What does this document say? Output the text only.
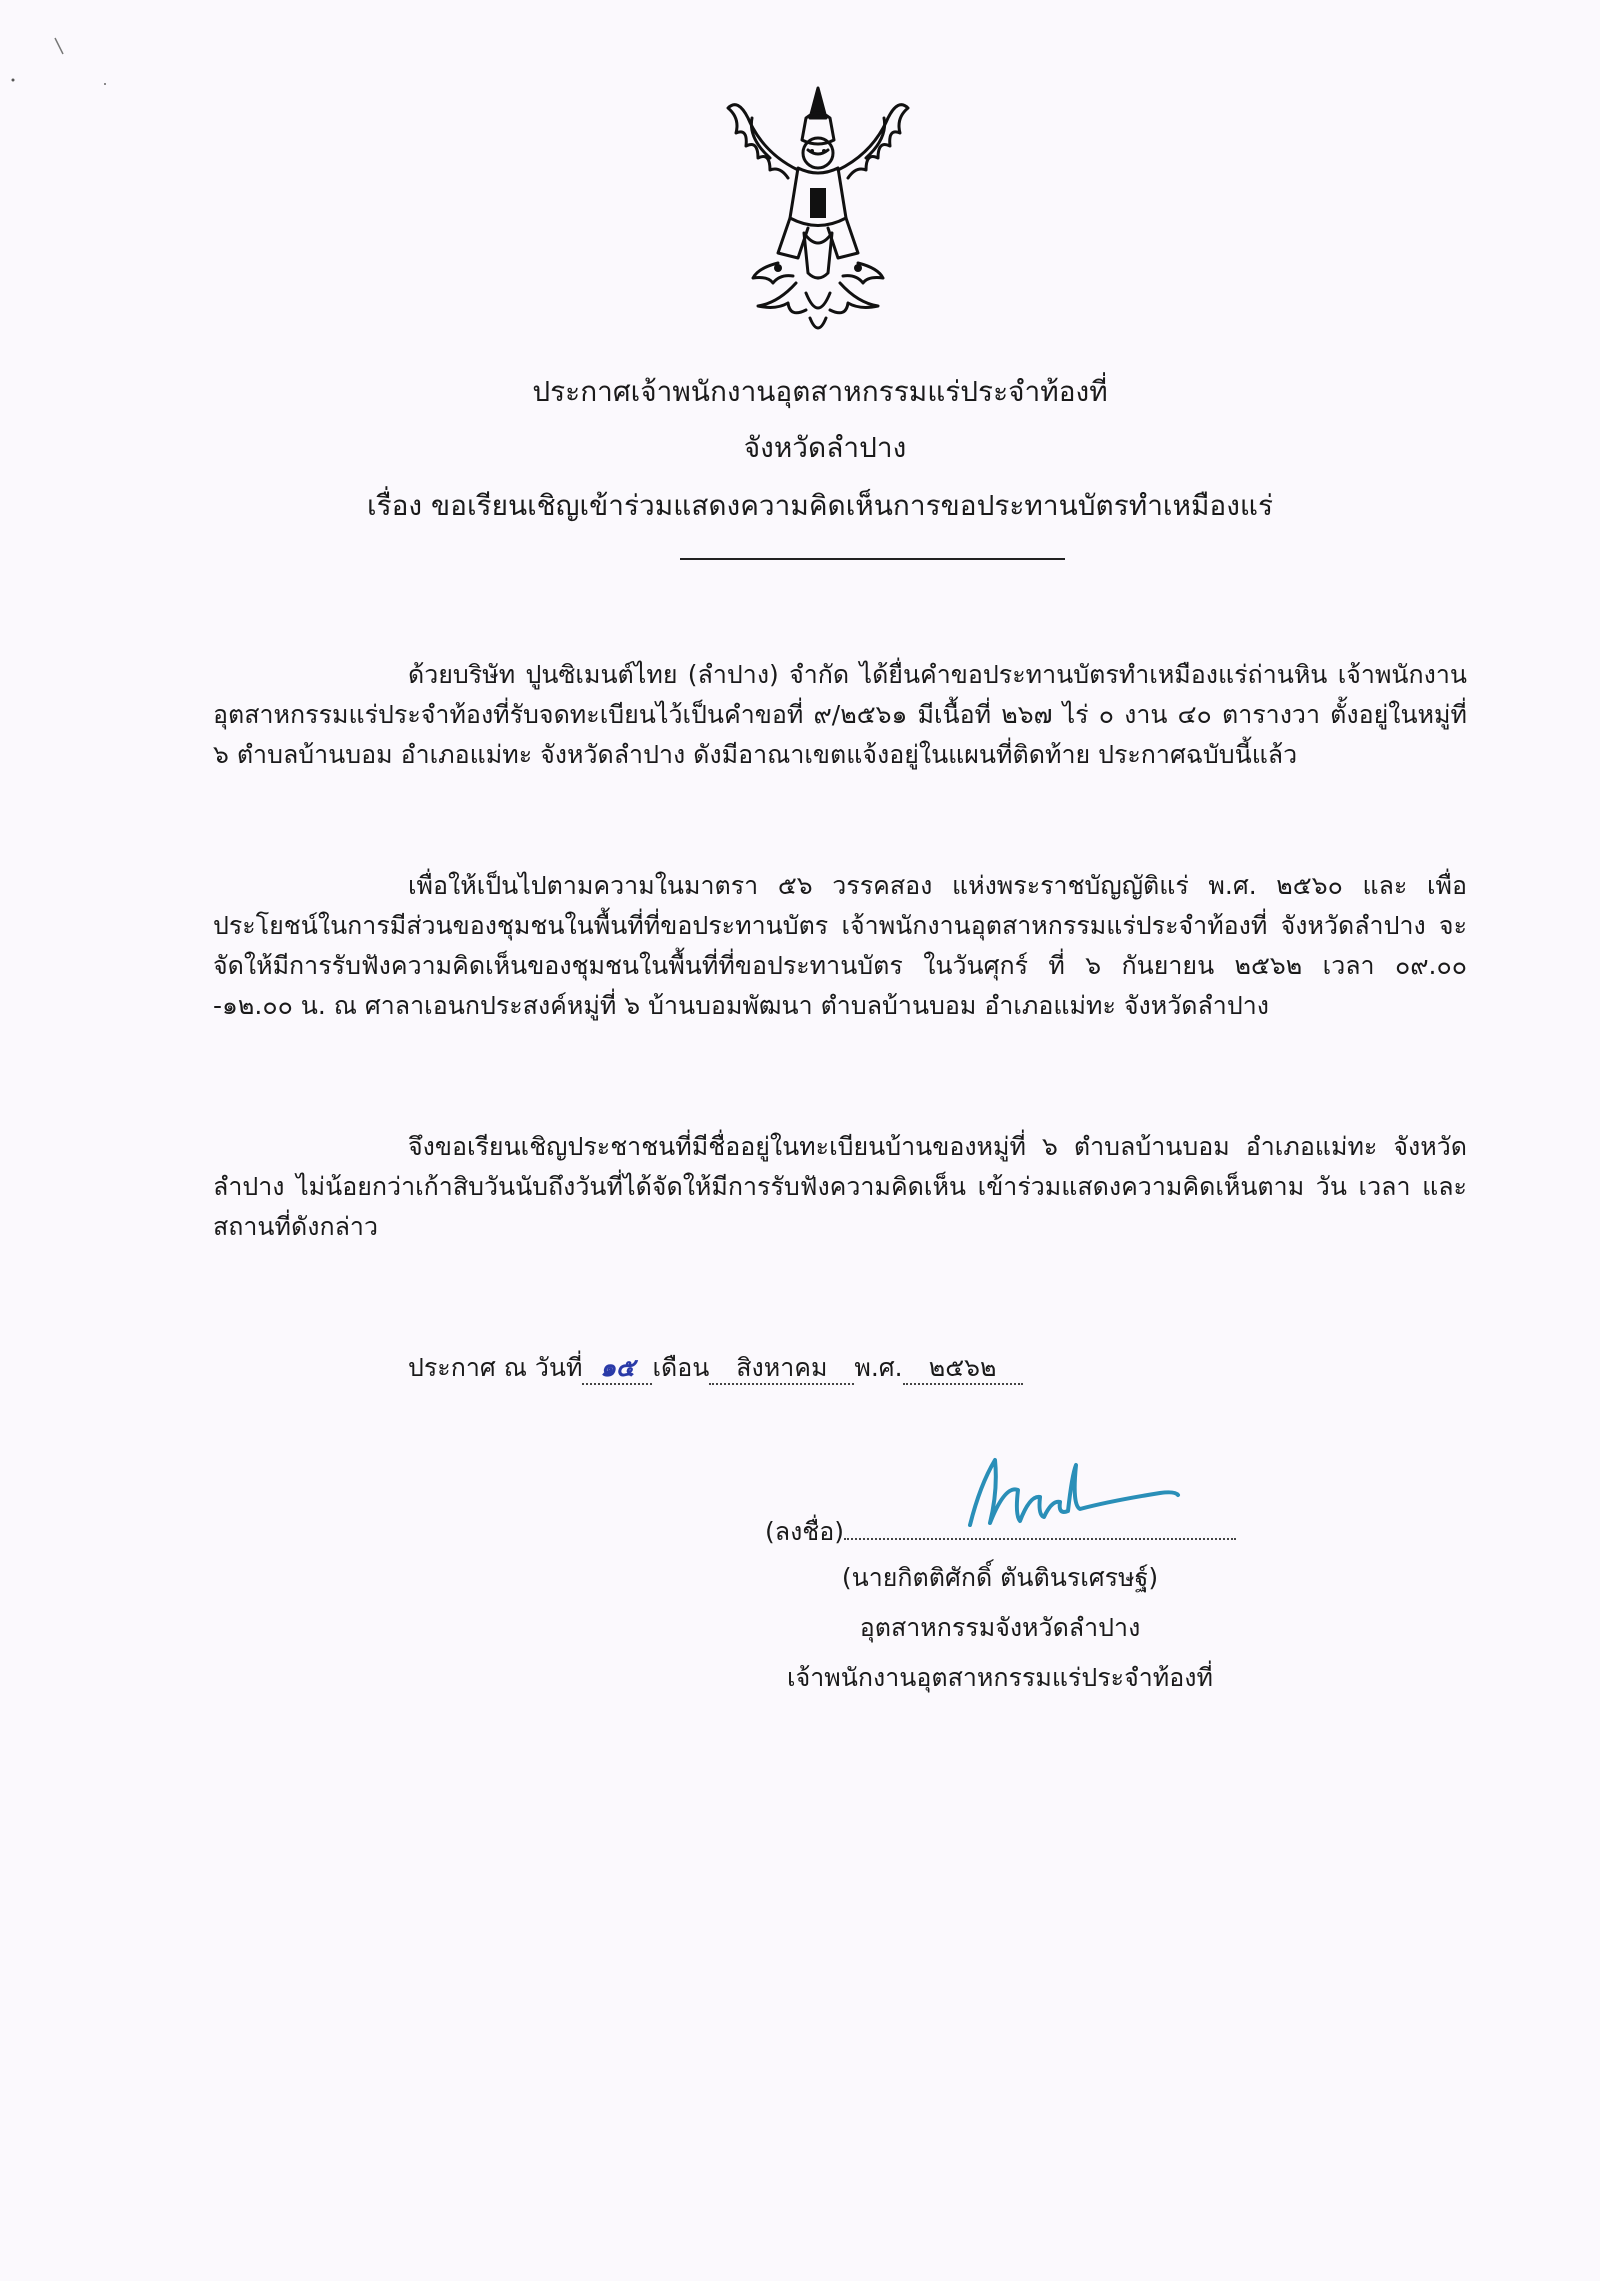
ประกาศเจ้าพนักงานอุตสาหกรรมแร่ประจำท้องที่
จังหวัดลำปาง
เรื่อง ขอเรียนเชิญเข้าร่วมแสดงความคิดเห็นการขอประทานบัตรทำเหมืองแร่

ด้วยบริษัท ปูนซิเมนต์ไทย (ลำปาง) จำกัด ได้ยื่นคำขอประทานบัตรทำเหมืองแร่ถ่านหิน เจ้าพนักงานอุตสาหกรรมแร่ประจำท้องที่รับจดทะเบียนไว้เป็นคำขอที่ ๙/๒๕๖๑ มีเนื้อที่ ๒๖๗ ไร่ ๐ งาน ๔๐ ตารางวา ตั้งอยู่ในหมู่ที่ ๖ ตำบลบ้านบอม อำเภอแม่ทะ จังหวัดลำปาง ดังมีอาณาเขตแจ้งอยู่ในแผนที่ติดท้าย ประกาศฉบับนี้แล้ว

เพื่อให้เป็นไปตามความในมาตรา ๕๖ วรรคสอง แห่งพระราชบัญญัติแร่ พ.ศ. ๒๕๖๐ และ เพื่อประโยชน์ในการมีส่วนของชุมชนในพื้นที่ที่ขอประทานบัตร เจ้าพนักงานอุตสาหกรรมแร่ประจำท้องที่ จังหวัดลำปาง จะจัดให้มีการรับฟังความคิดเห็นของชุมชนในพื้นที่ที่ขอประทานบัตร ในวันศุกร์ ที่ ๖ กันยายน ๒๕๖๒ เวลา ๐๙.๐๐ -๑๒.๐๐ น. ณ ศาลาเอนกประสงค์หมู่ที่ ๖ บ้านบอมพัฒนา ตำบลบ้านบอม อำเภอแม่ทะ จังหวัดลำปาง

จึงขอเรียนเชิญประชาชนที่มีชื่ออยู่ในทะเบียนบ้านของหมู่ที่ ๖ ตำบลบ้านบอม อำเภอแม่ทะ จังหวัดลำปาง ไม่น้อยกว่าเก้าสิบวันนับถึงวันที่ได้จัดให้มีการรับฟังความคิดเห็น เข้าร่วมแสดงความคิดเห็นตาม วัน เวลา และสถานที่ดังกล่าว

ประกาศ ณ วันที่ ๑๕ เดือน สิงหาคม พ.ศ. ๒๕๖๒
(ลงชื่อ)
(นายกิตติศักดิ์ ตันตินรเศรษฐ์)
อุตสาหกรรมจังหวัดลำปาง
เจ้าพนักงานอุตสาหกรรมแร่ประจำท้องที่
